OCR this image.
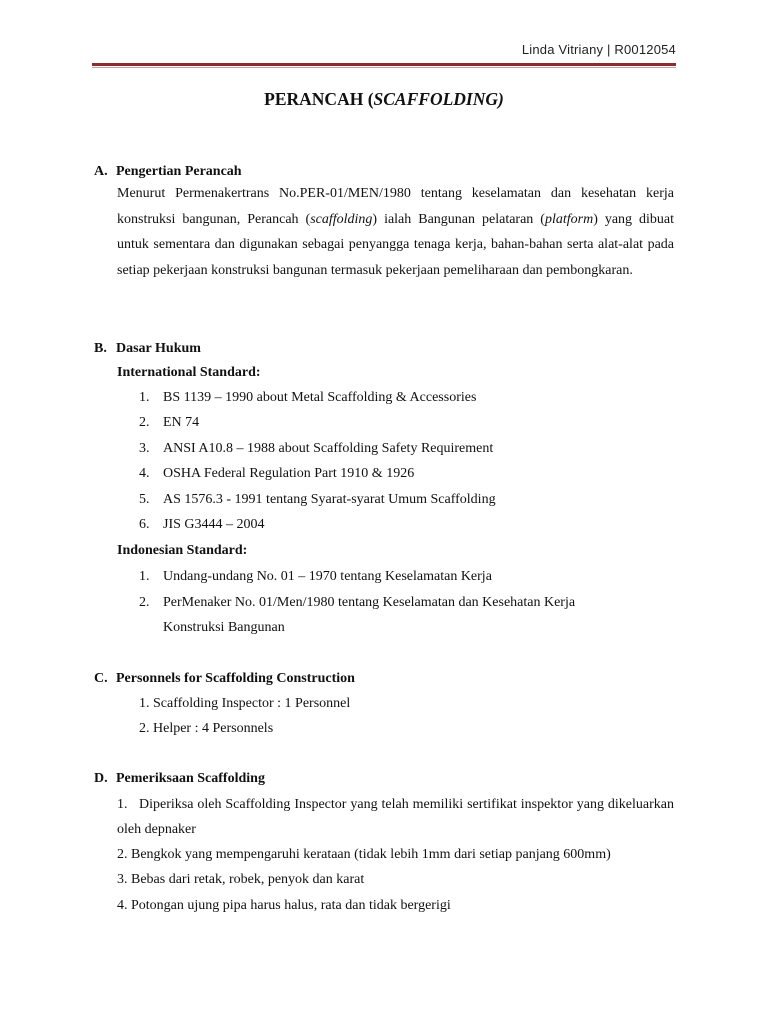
Linda Vitriany | R0012054
PERANCAH (SCAFFOLDING)
A. Pengertian Perancah
Menurut Permenakertrans No.PER-01/MEN/1980 tentang keselamatan dan kesehatan kerja konstruksi bangunan, Perancah (scaffolding) ialah Bangunan pelataran (platform) yang dibuat untuk sementara dan digunakan sebagai penyangga tenaga kerja, bahan-bahan serta alat-alat pada setiap pekerjaan konstruksi bangunan termasuk pekerjaan pemeliharaan dan pembongkaran.
B. Dasar Hukum
International Standard:
1. BS 1139 – 1990 about Metal Scaffolding & Accessories
2. EN 74
3. ANSI A10.8 – 1988 about Scaffolding Safety Requirement
4. OSHA Federal Regulation Part 1910 & 1926
5. AS 1576.3 - 1991 tentang Syarat-syarat Umum Scaffolding
6. JIS G3444 – 2004
Indonesian Standard:
1. Undang-undang No. 01 – 1970 tentang Keselamatan Kerja
2. PerMenaker No. 01/Men/1980 tentang Keselamatan dan Kesehatan Kerja
Konstruksi Bangunan
C. Personnels for Scaffolding Construction
1. Scaffolding Inspector : 1 Personnel
2. Helper : 4 Personnels
D. Pemeriksaan Scaffolding
1. Diperiksa oleh Scaffolding Inspector yang telah memiliki sertifikat inspektor yang dikeluarkan oleh depnaker
2. Bengkok yang mempengaruhi kerataan (tidak lebih 1mm dari setiap panjang 600mm)
3. Bebas dari retak, robek, penyok dan karat
4. Potongan ujung pipa harus halus, rata dan tidak bergerigi
